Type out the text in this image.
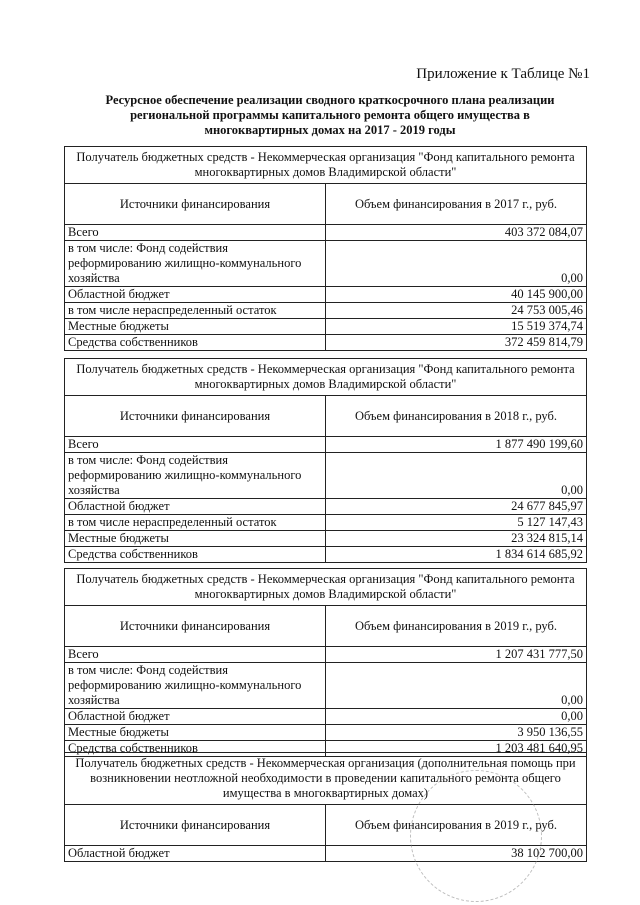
Приложение к Таблице №1
Ресурсное обеспечение реализации сводного краткосрочного плана реализации региональной программы капитального ремонта общего имущества в многоквартирных домах на 2017 - 2019 годы
Получатель бюджетных средств - Некоммерческая организация "Фонд капитального ремонта многоквартирных домов Владимирской области"	
Источники финансирования	Объем финансирования в 2017 г., руб.
Всего	403 372 084,07
в том числе: Фонд содействия реформированию жилищно-коммунального хозяйства	0,00
Областной бюджет	40 145 900,00
в том числе нераспределенный остаток	24 753 005,46
Местные бюджеты	15 519 374,74
Средства собственников	372 459 814,79
Получатель бюджетных средств - Некоммерческая организация "Фонд капитального ремонта многоквартирных домов Владимирской области"	
Источники финансирования	Объем финансирования в 2018 г., руб.
Всего	1 877 490 199,60
в том числе: Фонд содействия реформированию жилищно-коммунального хозяйства	0,00
Областной бюджет	24 677 845,97
в том числе нераспределенный остаток	5 127 147,43
Местные бюджеты	23 324 815,14
Средства собственников	1 834 614 685,92
Получатель бюджетных средств - Некоммерческая организация "Фонд капитального ремонта многоквартирных домов Владимирской области"	
Источники финансирования	Объем финансирования в 2019 г., руб.
Всего	1 207 431 777,50
в том числе: Фонд содействия реформированию жилищно-коммунального хозяйства	0,00
Областной бюджет	0,00
Местные бюджеты	3 950 136,55
Средства собственников	1 203 481 640,95
Получатель бюджетных средств - Некоммерческая организация (дополнительная помощь при возникновении неотложной необходимости в проведении капитального ремонта общего имущества в многоквартирных домах)	
Источники финансирования	Объем финансирования в 2019 г., руб.
Областной бюджет	38 102 700,00
